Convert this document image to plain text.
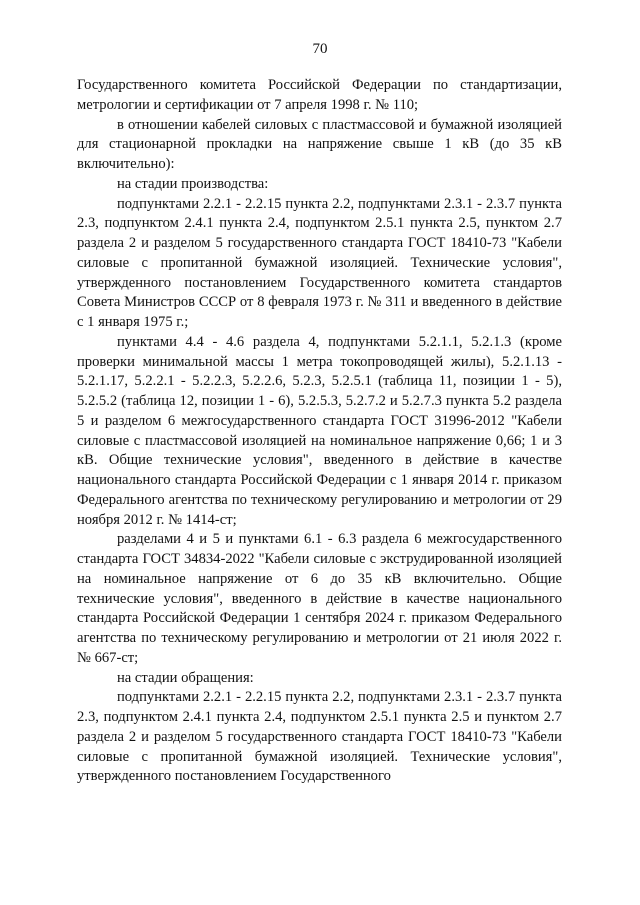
70

Государственного комитета Российской Федерации по стандартизации, метрологии и сертификации от 7 апреля 1998 г. № 110;

в отношении кабелей силовых с пластмассовой и бумажной изоляцией для стационарной прокладки на напряжение свыше 1 кВ (до 35 кВ включительно):

на стадии производства:

подпунктами 2.2.1 - 2.2.15 пункта 2.2, подпунктами 2.3.1 - 2.3.7 пункта 2.3, подпунктом 2.4.1 пункта 2.4, подпунктом 2.5.1 пункта 2.5, пунктом 2.7 раздела 2 и разделом 5 государственного стандарта ГОСТ 18410-73 "Кабели силовые с пропитанной бумажной изоляцией. Технические условия", утвержденного постановлением Государственного комитета стандартов Совета Министров СССР от 8 февраля 1973 г. № 311 и введенного в действие с 1 января 1975 г.;

пунктами 4.4 - 4.6 раздела 4, подпунктами 5.2.1.1, 5.2.1.3 (кроме проверки минимальной массы 1 метра токопроводящей жилы), 5.2.1.13 - 5.2.1.17, 5.2.2.1 - 5.2.2.3, 5.2.2.6, 5.2.3, 5.2.5.1 (таблица 11, позиции 1 - 5), 5.2.5.2 (таблица 12, позиции 1 - 6), 5.2.5.3, 5.2.7.2 и 5.2.7.3 пункта 5.2 раздела 5 и разделом 6 межгосударственного стандарта ГОСТ 31996-2012 "Кабели силовые с пластмассовой изоляцией на номинальное напряжение 0,66; 1 и 3 кВ. Общие технические условия", введенного в действие в качестве национального стандарта Российской Федерации с 1 января 2014 г. приказом Федерального агентства по техническому регулированию и метрологии от 29 ноября 2012 г. № 1414-ст;

разделами 4 и 5 и пунктами 6.1 - 6.3 раздела 6 межгосударственного стандарта ГОСТ 34834-2022 "Кабели силовые с экструдированной изоляцией на номинальное напряжение от 6 до 35 кВ включительно. Общие технические условия", введенного в действие в качестве национального стандарта Российской Федерации 1 сентября 2024 г. приказом Федерального агентства по техническому регулированию и метрологии от 21 июля 2022 г. № 667-ст;

на стадии обращения:

подпунктами 2.2.1 - 2.2.15 пункта 2.2, подпунктами 2.3.1 - 2.3.7 пункта 2.3, подпунктом 2.4.1 пункта 2.4, подпунктом 2.5.1 пункта 2.5 и пунктом 2.7 раздела 2 и разделом 5 государственного стандарта ГОСТ 18410-73 "Кабели силовые с пропитанной бумажной изоляцией. Технические условия", утвержденного постановлением Государственного
